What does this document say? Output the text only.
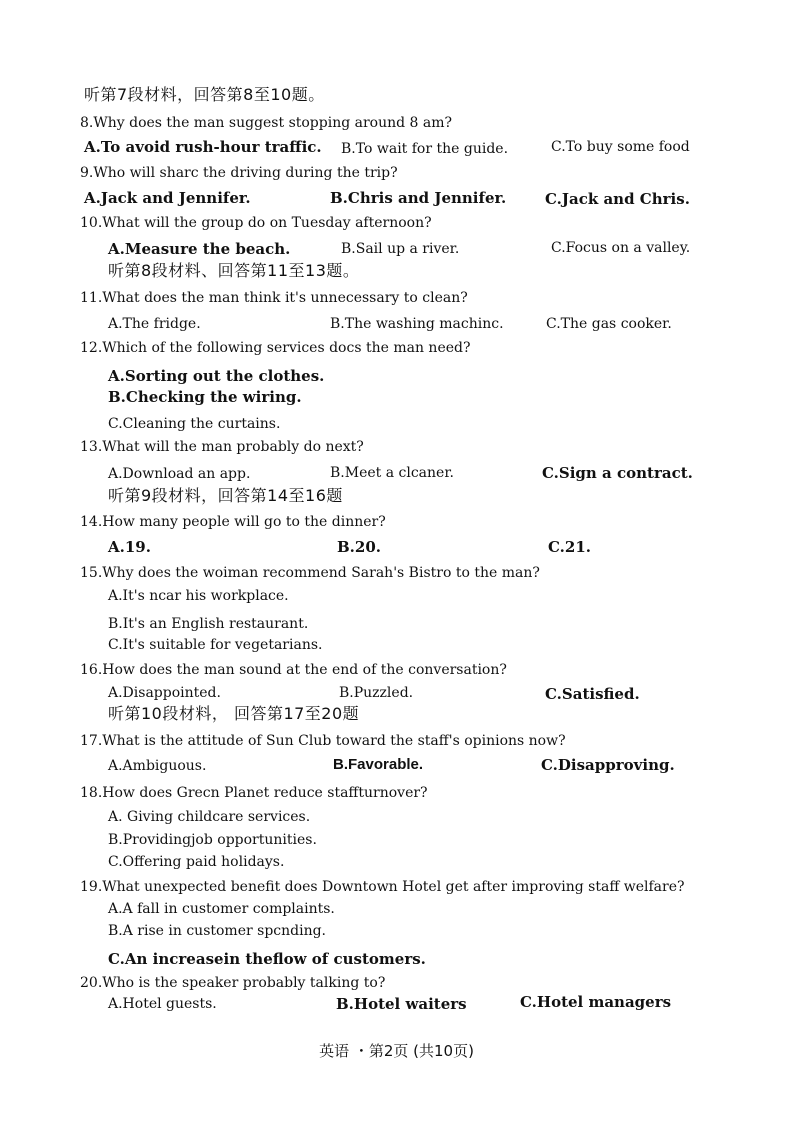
听第7段材料，回答第8至10题。
8.Why does the man suggest stopping around 8 am?
A.To avoid rush-hour traffic. B.To wait for the guide.	C.To buy some food
9.Who will sharc the driving during the trip?
A.Jack and Jennifer.	B.Chris and Jennifer.	C.Jack and Chris.
10.What will the group do on Tuesday afternoon?
A.Measure the beach.	B.Sail up a river.	C.Focus on a valley.
听第8段材料、回答第11至13题。
11.What does the man think it's unnecessary to clean?
A.The fridge.	B.The washing machinc.	C.The gas cooker.
12.Which of the following services docs the man need?
A.Sorting out the clothes.
B.Checking the wiring.
C.Cleaning the curtains.
13.What will the man probably do next?
A.Download an app.	B.Meet a clcaner.	C.Sign a contract.
听第9段材料，回答第14至16题
14.How many people will go to the dinner?
A.19.	B.20.	C.21.
15.Why does the woiman recommend Sarah's Bistro to the man?
A.It's ncar his workplace.
B.It's an English restaurant.
C.It's suitable for vegetarians.
16.How does the man sound at the end of the conversation?
A.Disappointed.	B.Puzzled.	C.Satisfied.
听第10段材料， 回答第17至20题
17.What is the attitude of Sun Club toward the staff's opinions now?
A.Ambiguous.	B.Favorable.	C.Disapproving.
18.How does Grecn Planet reduce staffturnover?
A. Giving childcare services.
B.Providingjob opportunities.
C.Offering paid holidays.
19.What unexpected benefit does Downtown Hotel get after improving staff welfare?
A.A fall in customer complaints.
B.A rise in customer spcnding.
C.An increasein theflow of customers.
20.Who is the speaker probably talking to?
A.Hotel guests.	B.Hotel waiters	C.Hotel managers
英语 ・第2页 (共10页)
